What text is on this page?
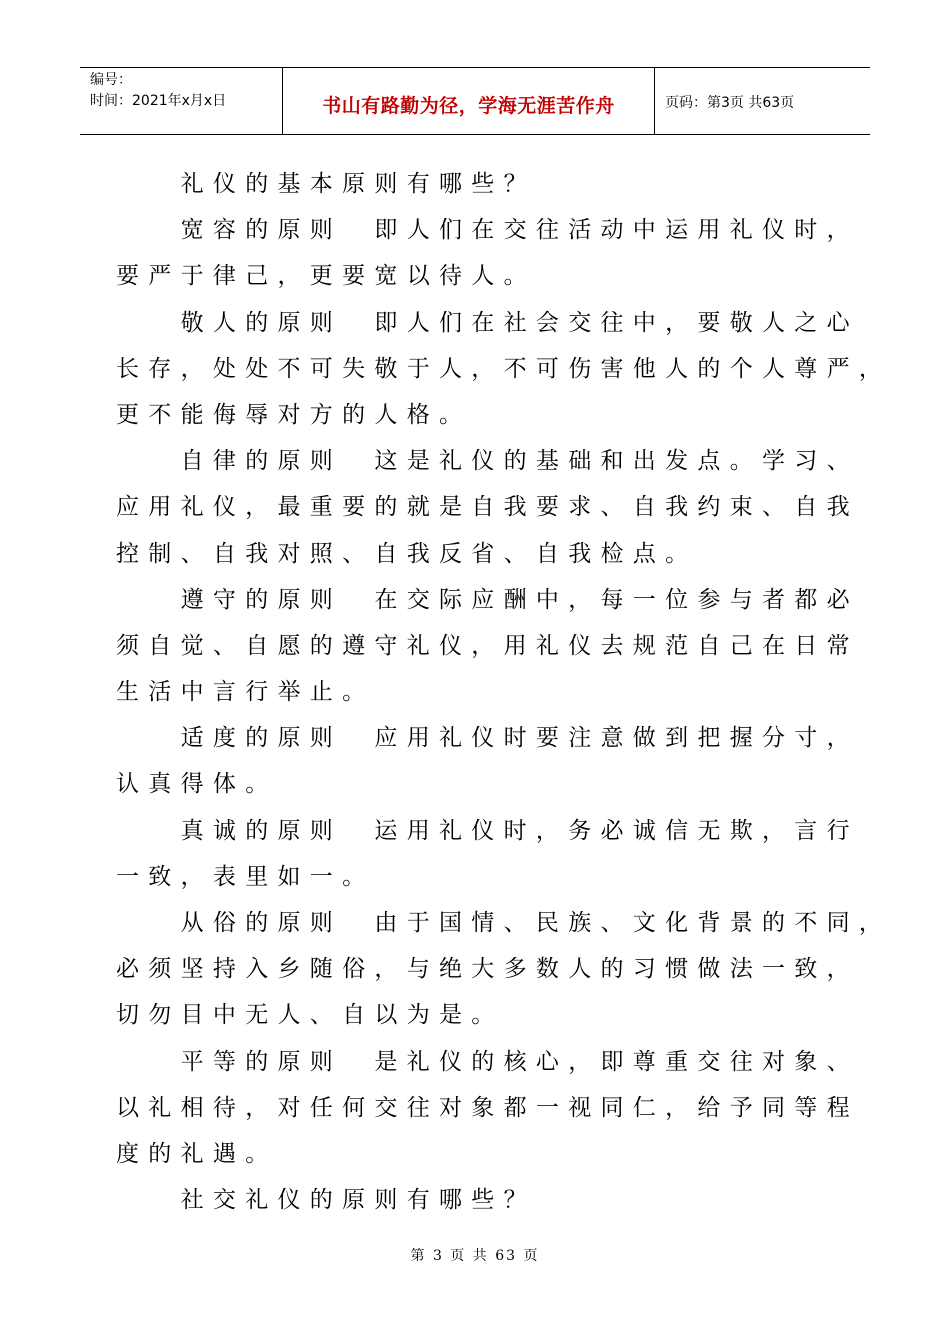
编号：
时间：2021年x月x日	书山有路勤为径，学海无涯苦作舟	页码：第3页 共63页
　　礼仪的基本原则有哪些？
　　宽容的原则　即人们在交往活动中运用礼仪时，
要严于律己，更要宽以待人。
　　敬人的原则　即人们在社会交往中，要敬人之心
长存，处处不可失敬于人，不可伤害他人的个人尊严，
更不能侮辱对方的人格。
　　自律的原则　这是礼仪的基础和出发点。学习、
应用礼仪，最重要的就是自我要求、自我约束、自我
控制、自我对照、自我反省、自我检点。
　　遵守的原则　在交际应酬中，每一位参与者都必
须自觉、自愿的遵守礼仪，用礼仪去规范自己在日常
生活中言行举止。
　　适度的原则　应用礼仪时要注意做到把握分寸，
认真得体。
　　真诚的原则　运用礼仪时，务必诚信无欺，言行
一致，表里如一。
　　从俗的原则　由于国情、民族、文化背景的不同，
必须坚持入乡随俗，与绝大多数人的习惯做法一致，
切勿目中无人、自以为是。
　　平等的原则　是礼仪的核心，即尊重交往对象、
以礼相待，对任何交往对象都一视同仁，给予同等程
度的礼遇。
　　社交礼仪的原则有哪些？
第 3 页 共 63 页
